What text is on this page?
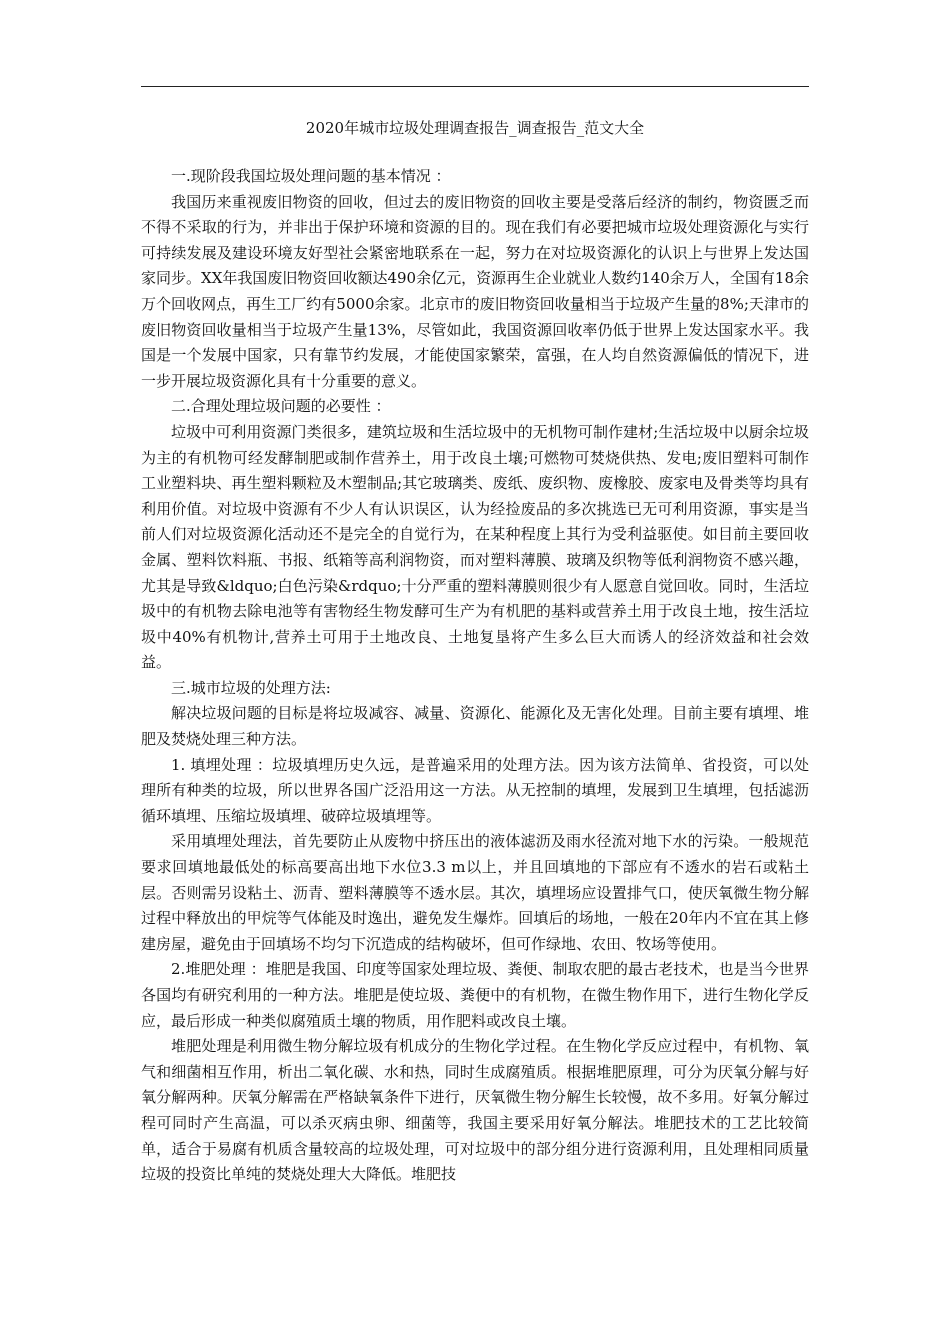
2020年城市垃圾处理调查报告_调查报告_范文大全

一.现阶段我国垃圾处理问题的基本情况 ：

我国历来重视废旧物资的回收，但过去的废旧物资的回收主要是受落后经济的制约，物资匮乏而不得不采取的行为，并非出于保护环境和资源的目的。现在我们有必要把城市垃圾处理资源化与实行可持续发展及建设环境友好型社会紧密地联系在一起，努力在对垃圾资源化的认识上与世界上发达国家同步。XX年我国废旧物资回收额达490余亿元，资源再生企业就业人数约140余万人，全国有18余万个回收网点，再生工厂约有5000余家。北京市的废旧物资回收量相当于垃圾产生量的8%;天津市的废旧物资回收量相当于垃圾产生量13%，尽管如此，我国资源回收率仍低于世界上发达国家水平。我国是一个发展中国家，只有靠节约发展，才能使国家繁荣，富强，在人均自然资源偏低的情况下，进一步开展垃圾资源化具有十分重要的意义。

二.合理处理垃圾问题的必要性 ：

垃圾中可利用资源门类很多，建筑垃圾和生活垃圾中的无机物可制作建材;生活垃圾中以厨余垃圾为主的有机物可经发酵制肥或制作营养土，用于改良土壤;可燃物可焚烧供热、发电;废旧塑料可制作工业塑料块、再生塑料颗粒及木塑制品;其它玻璃类、废纸、废织物、废橡胶、废家电及骨类等均具有利用价值。对垃圾中资源有不少人有认识误区，认为经捡废品的多次挑选已无可利用资源，事实是当前人们对垃圾资源化活动还不是完全的自觉行为，在某种程度上其行为受利益驱使。如目前主要回收金属、塑料饮料瓶、书报、纸箱等高利润物资，而对塑料薄膜、玻璃及织物等低利润物资不感兴趣，尤其是导致&ldquo;白色污染&rdquo;十分严重的塑料薄膜则很少有人愿意自觉回收。同时，生活垃圾中的有机物去除电池等有害物经生物发酵可生产为有机肥的基料或营养土用于改良土地，按生活垃圾中40%有机物计,营养土可用于土地改良、土地复垦将产生多么巨大而诱人的经济效益和社会效益。

三.城市垃圾的处理方法:

解决垃圾问题的目标是将垃圾减容、减量、资源化、能源化及无害化处理。目前主要有填埋、堆肥及焚烧处理三种方法。

1. 填埋处理 ：垃圾填埋历史久远，是普遍采用的处理方法。因为该方法简单、省投资，可以处理所有种类的垃圾，所以世界各国广泛沿用这一方法。从无控制的填埋，发展到卫生填埋，包括滤沥循环填埋、压缩垃圾填埋、破碎垃圾填埋等。

采用填埋处理法，首先要防止从废物中挤压出的液体滤沥及雨水径流对地下水的污染。一般规范要求回填地最低处的标高要高出地下水位3.3 m以上，并且回填地的下部应有不透水的岩石或粘土层。否则需另设粘土、沥青、塑料薄膜等不透水层。其次，填埋场应设置排气口，使厌氧微生物分解过程中释放出的甲烷等气体能及时逸出，避免发生爆炸。回填后的场地，一般在20年内不宜在其上修建房屋，避免由于回填场不均匀下沉造成的结构破坏，但可作绿地、农田、牧场等使用。

2.堆肥处理 ：堆肥是我国、印度等国家处理垃圾、粪便、制取农肥的最古老技术，也是当今世界各国均有研究利用的一种方法。堆肥是使垃圾、粪便中的有机物，在微生物作用下，进行生物化学反应，最后形成一种类似腐殖质土壤的物质，用作肥料或改良土壤。

堆肥处理是利用微生物分解垃圾有机成分的生物化学过程。在生物化学反应过程中，有机物、氧气和细菌相互作用，析出二氧化碳、水和热，同时生成腐殖质。根据堆肥原理，可分为厌氧分解与好氧分解两种。厌氧分解需在严格缺氧条件下进行，厌氧微生物分解生长较慢，故不多用。好氧分解过程可同时产生高温，可以杀灭病虫卵、细菌等，我国主要采用好氧分解法。堆肥技术的工艺比较简单，适合于易腐有机质含量较高的垃圾处理，可对垃圾中的部分组分进行资源利用，且处理相同质量垃圾的投资比单纯的焚烧处理大大降低。堆肥技
